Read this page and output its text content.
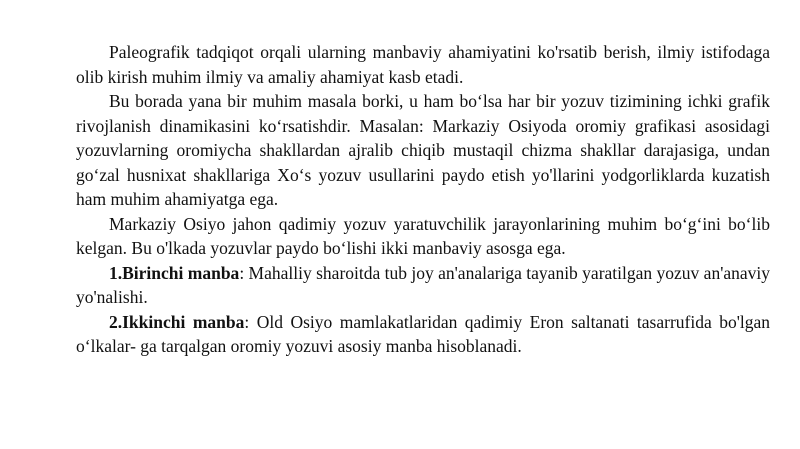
Paleografik tadqiqot orqali ularning manbaviy ahamiyatini ko'rsatib berish, ilmiy istifodaga olib kirish muhim ilmiy va amaliy ahamiyat kasb etadi.

Bu borada yana bir muhim masala borki, u ham bo‘lsa har bir yozuv tizimining ichki grafik rivojlanish dinamikasini ko‘rsatishdir. Masalan: Markaziy Osiyoda oromiy grafikasi asosidagi yozuvlarning oromiycha shakllardan ajralib chiqib mustaqil chizma shakllar darajasiga, undan go‘zal husnixat shakllariga Xo‘s yozuv usullarini paydo etish yo'llarini yodgorliklarda kuzatish ham muhim ahamiyatga ega.

Markaziy Osiyo jahon qadimiy yozuv yaratuvchilik jarayonlarining muhim bo‘g‘ini bo‘lib kelgan. Bu o'lkada yozuvlar paydo bo‘lishi ikki manbaviy asosga ega.

1.Birinchi manba: Mahalliy sharoitda tub joy an'analariga tayanib yaratilgan yozuv an'anaviy yo'nalishi.

2.Ikkinchi manba: Old Osiyo mamlakatlaridan qadimiy Eron saltanati tasarrufida bo'lgan o‘lkalar- ga tarqalgan oromiy yozuvi asosiy manba hisoblanadi.
